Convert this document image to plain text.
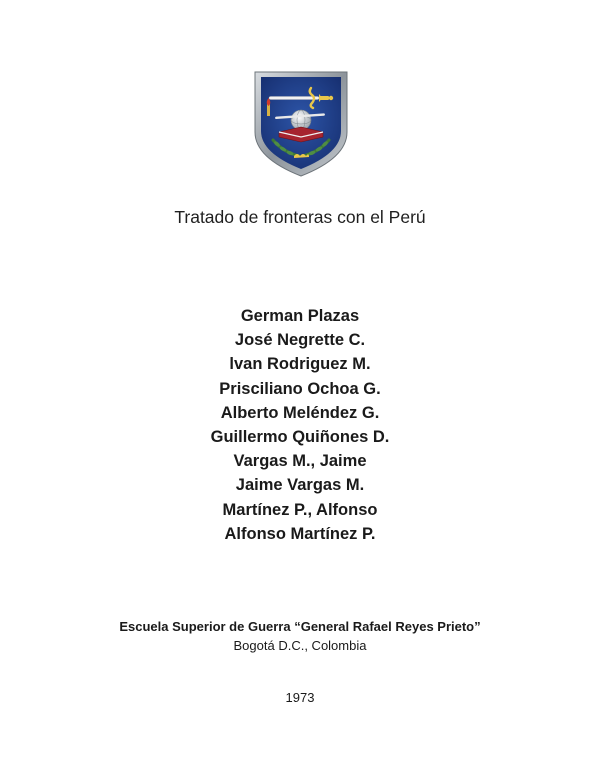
Tratado de fronteras con el Perú
German Plazas
José Negrette C.
lvan Rodriguez M.
Prisciliano Ochoa G.
Alberto Meléndez G.
Guillermo Quiñones D.
Vargas M., Jaime
Jaime Vargas M.
Martínez P., Alfonso
Alfonso Martínez P.
Escuela Superior de Guerra “General Rafael Reyes Prieto”
Bogotá D.C., Colombia
1973
